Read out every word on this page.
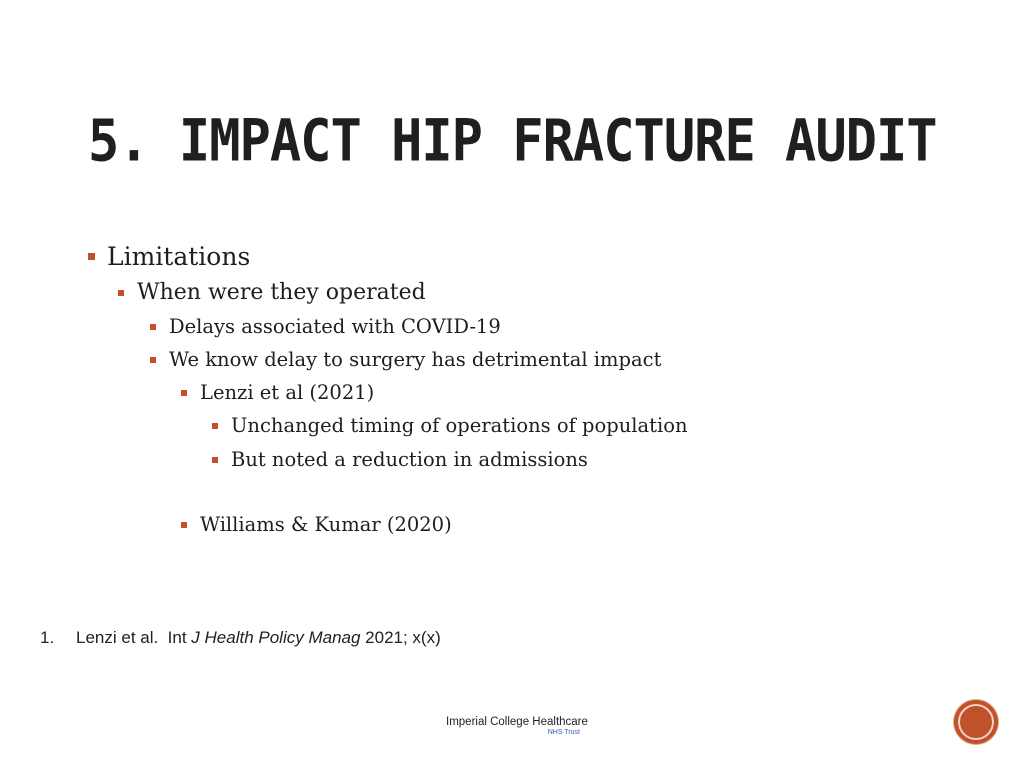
5. IMPACT HIP FRACTURE AUDIT
Limitations
When were they operated
Delays associated with COVID-19
We know delay to surgery has detrimental impact
Lenzi et al (2021)
Unchanged timing of operations of population
But noted a reduction in admissions
Williams & Kumar (2020)
1. Lenzi et al.  Int J Health Policy Manag 2021; x(x)
Imperial College Healthcare
NHS Trust
